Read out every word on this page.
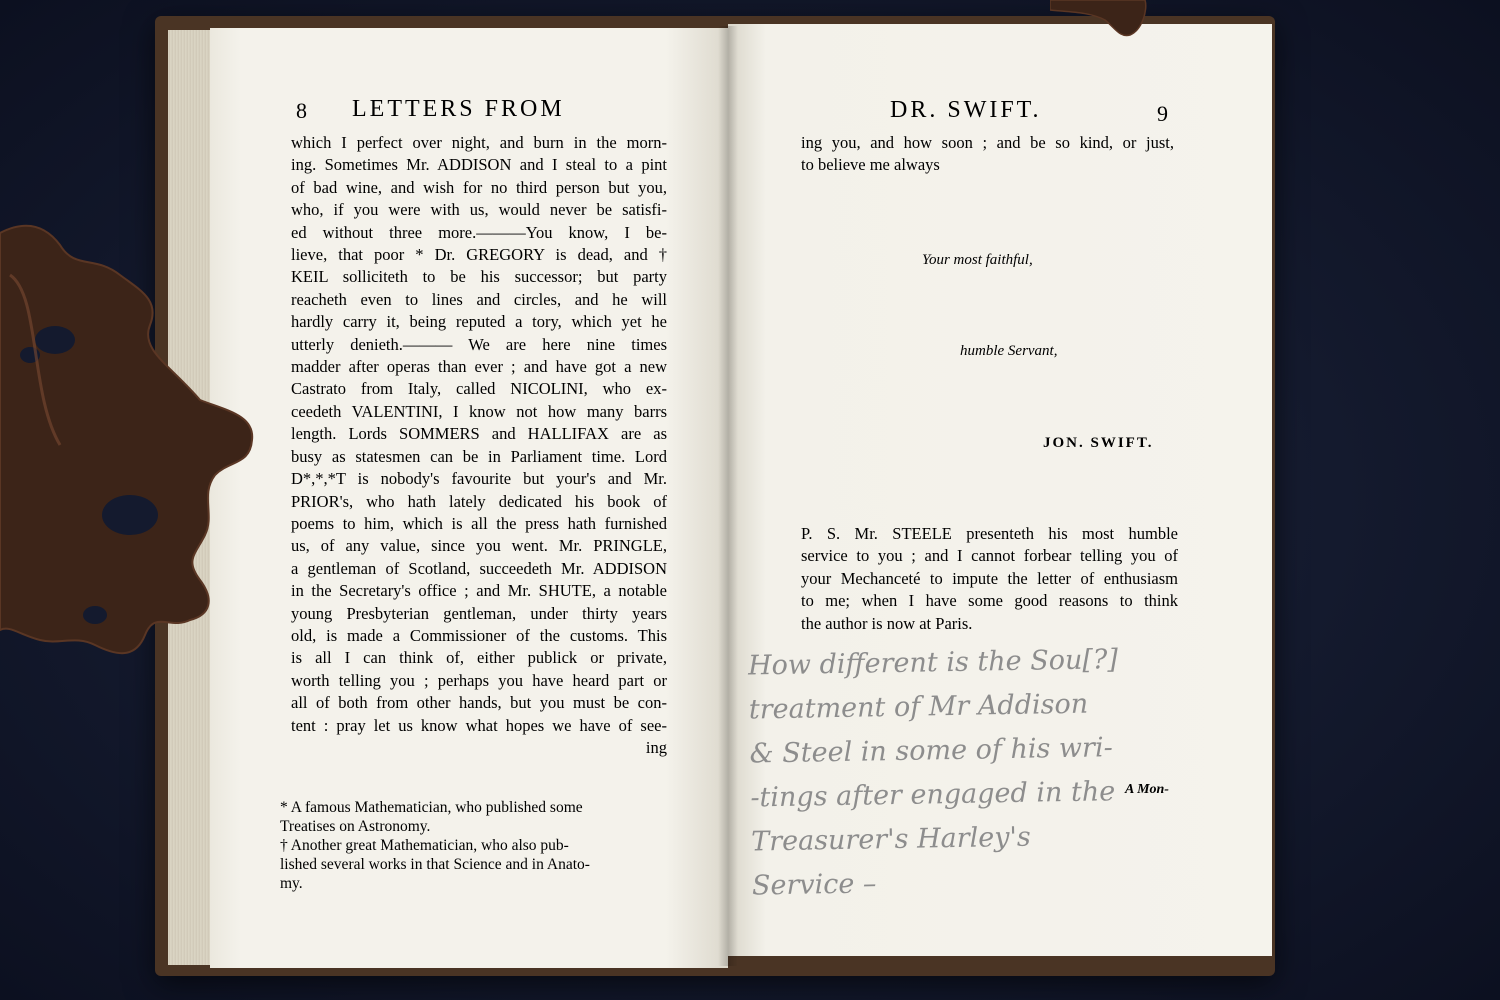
8 LETTERS FROM
which I perfect over night, and burn in the morn-
ing. Sometimes Mr. ADDISON and I steal to a pint
of bad wine, and wish for no third person but you,
who, if you were with us, would never be satisfi-
ed without three more.———You know, I be-
lieve, that poor * Dr. GREGORY is dead, and †
KEIL solliciteth to be his successor; but party
reacheth even to lines and circles, and he will
hardly carry it, being reputed a tory, which yet he
utterly denieth.——— We are here nine times
madder after operas than ever ; and have got a new
Castrato from Italy, called NICOLINI, who ex-
ceedeth VALENTINI, I know not how many barrs
length. Lords SOMMERS and HALLIFAX are as
busy as statesmen can be in Parliament time. Lord
D*,*,*T is nobody's favourite but your's and Mr.
PRIOR's, who hath lately dedicated his book of
poems to him, which is all the press hath furnished
us, of any value, since you went. Mr. PRINGLE,
a gentleman of Scotland, succeedeth Mr. ADDISON
in the Secretary's office ; and Mr. SHUTE, a notable
young Presbyterian gentleman, under thirty years
old, is made a Commissioner of the customs. This
is all I can think of, either publick or private,
worth telling you ; perhaps you have heard part or
all of both from other hands, but you must be con-
tent : pray let us know what hopes we have of see-
ing
* A famous Mathematician, who published some
Treatises on Astronomy.
† Another great Mathematician, who also pub-
lished several works in that Science and in Anato-
my.
DR. SWIFT.	9
ing you, and how soon ; and be so kind, or just,
to believe me always
Your most faithful,
humble Servant,
JON. SWIFT.
P. S. Mr. STEELE presenteth his most humble
service to you ; and I cannot forbear telling you of
your Mechanceté to impute the letter of enthusiasm
to me; when I have some good reasons to think
the author is now at Paris.
How different is the Sou[?]
treatment of Mr Addison
& Steel in some of his wri-
-tings after engaged in the
Treasurer's Harley's
Service –
A Mon-
